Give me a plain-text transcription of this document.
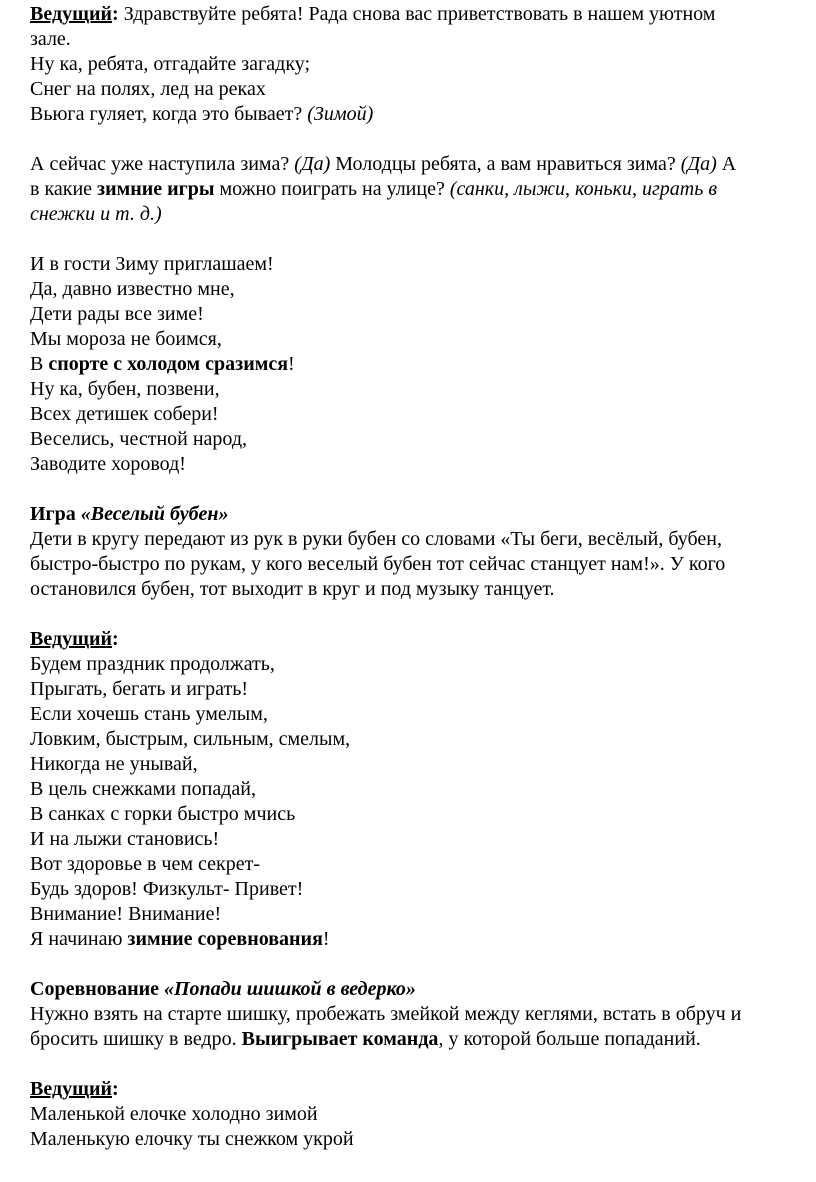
Ведущий: Здравствуйте ребята! Рада снова вас приветствовать в нашем уютном
зале.
Ну ка, ребята, отгадайте загадку;
Снег на полях, лед на реках
Вьюга гуляет, когда это бывает? (Зимой)
А сейчас уже наступила зима? (Да) Молодцы ребята, а вам нравиться зима? (Да) А
в какие зимние игры можно поиграть на улице? (санки, лыжи, коньки, играть в
снежки и т. д.)
И в гости Зиму приглашаем!
Да, давно известно мне,
Дети рады все зиме!
Мы мороза не боимся,
В спорте с холодом сразимся!
Ну ка, бубен, позвени,
Всех детишек собери!
Веселись, честной народ,
Заводите хоровод!
Игра «Веселый бубен»
Дети в кругу передают из рук в руки бубен со словами «Ты беги, весёлый, бубен,
быстро-быстро по рукам, у кого веселый бубен тот сейчас станцует нам!». У кого
остановился бубен, тот выходит в круг и под музыку танцует.
Ведущий:
Будем праздник продолжать,
Прыгать, бегать и играть!
Если хочешь стань умелым,
Ловким, быстрым, сильным, смелым,
Никогда не унывай,
В цель снежками попадай,
В санках с горки быстро мчись
И на лыжи становись!
Вот здоровье в чем секрет-
Будь здоров! Физкульт- Привет!
Внимание! Внимание!
Я начинаю зимние соревнования!
Соревнование «Попади шишкой в ведерко»
Нужно взять на старте шишку, пробежать змейкой между кеглями, встать в обруч и
бросить шишку в ведро. Выигрывает команда, у которой больше попаданий.
Ведущий:
Маленькой елочке холодно зимой
Маленькую елочку ты снежком укрой
